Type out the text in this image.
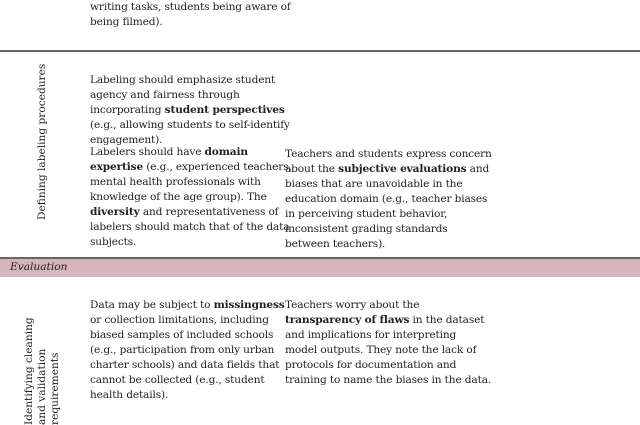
writing tasks, students being aware of
being filmed).
Defining labeling procedures	Labeling should emphasize student
agency and fairness through
incorporating student perspectives
(e.g., allowing students to self-identify
engagement).
Labelers should have domain
expertise (e.g., experienced teachers,
mental health professionals with
knowledge of the age group). The
diversity and representativeness of
labelers should match that of the data
subjects.
Teachers and students express concern
about the subjective evaluations and
biases that are unavoidable in the
education domain (e.g., teacher biases
in perceiving student behavior,
inconsistent grading standards
between teachers).
Evaluation
Identifying cleaning and validation requirements
Data may be subject to missingness
or collection limitations, including
biased samples of included schools
(e.g., participation from only urban
charter schools) and data fields that
cannot be collected (e.g., student
health details).
Teachers worry about the
transparency of flaws in the dataset
and implications for interpreting
model outputs. They note the lack of
protocols for documentation and
training to name the biases in the data.
